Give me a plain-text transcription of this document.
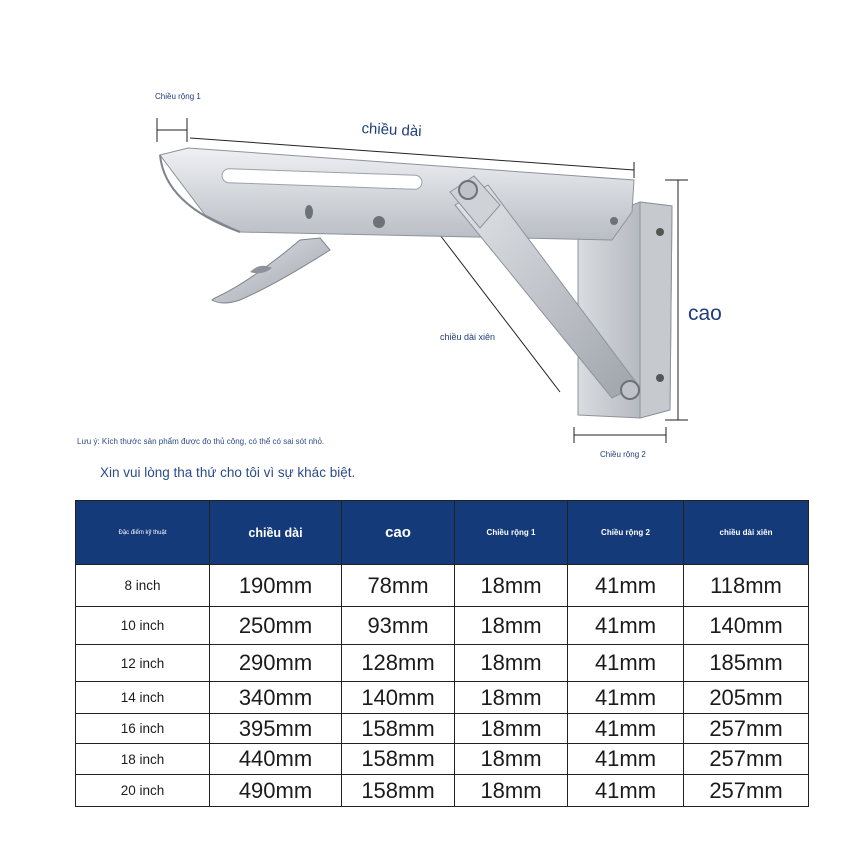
Chiều rộng 1
chiều dài
cao
chiều dài xiên
Chiều rộng 2
Lưu ý: Kích thước sản phẩm được đo thủ công, có thể có sai sót nhỏ.
Xin vui lòng tha thứ cho tôi vì sự khác biệt.
Đặc điểm kỹ thuật	chiều dài	cao	Chiều rộng 1	Chiều rộng 2	chiều dài xiên
8 inch	190mm	78mm	18mm	41mm	118mm
10 inch	250mm	93mm	18mm	41mm	140mm
12 inch	290mm	128mm	18mm	41mm	185mm
14 inch	340mm	140mm	18mm	41mm	205mm
16 inch	395mm	158mm	18mm	41mm	257mm
18 inch	440mm	158mm	18mm	41mm	257mm
20 inch	490mm	158mm	18mm	41mm	257mm
